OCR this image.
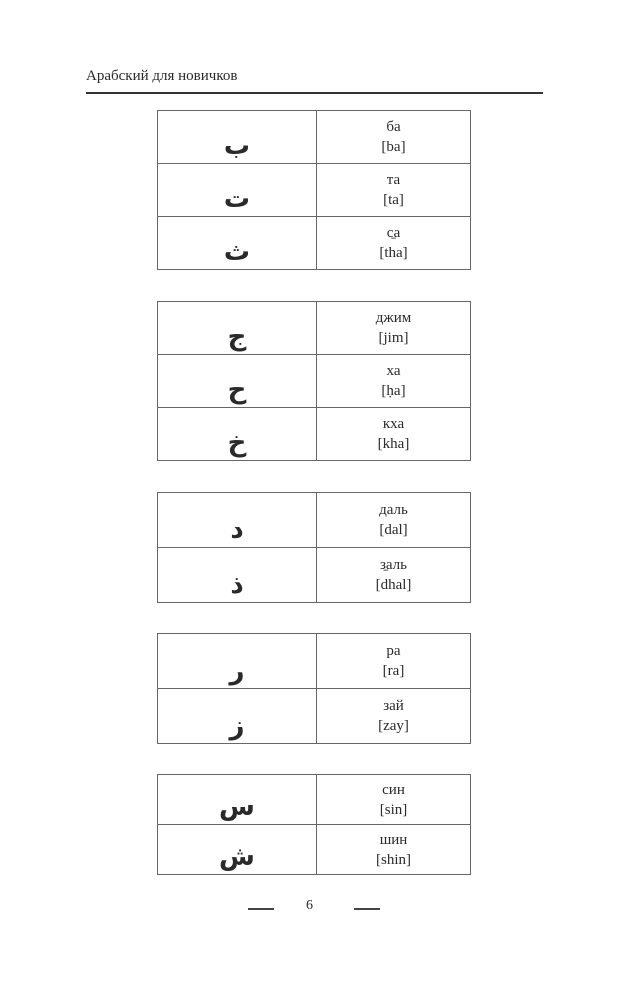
Арабский для новичков
ب	ба
[ba]

ت	та
[ta]

ث	с̱а
[tha]
ج	джим
[jim]

ح	ха
[ḥa]

خ	кха
[kha]
د	даль
[dal]

ذ	з̱аль
[dhal]
ر	ра
[ra]

ز	зай
[zay]
س	син
[sin]

ش	шин
[shin]
6
